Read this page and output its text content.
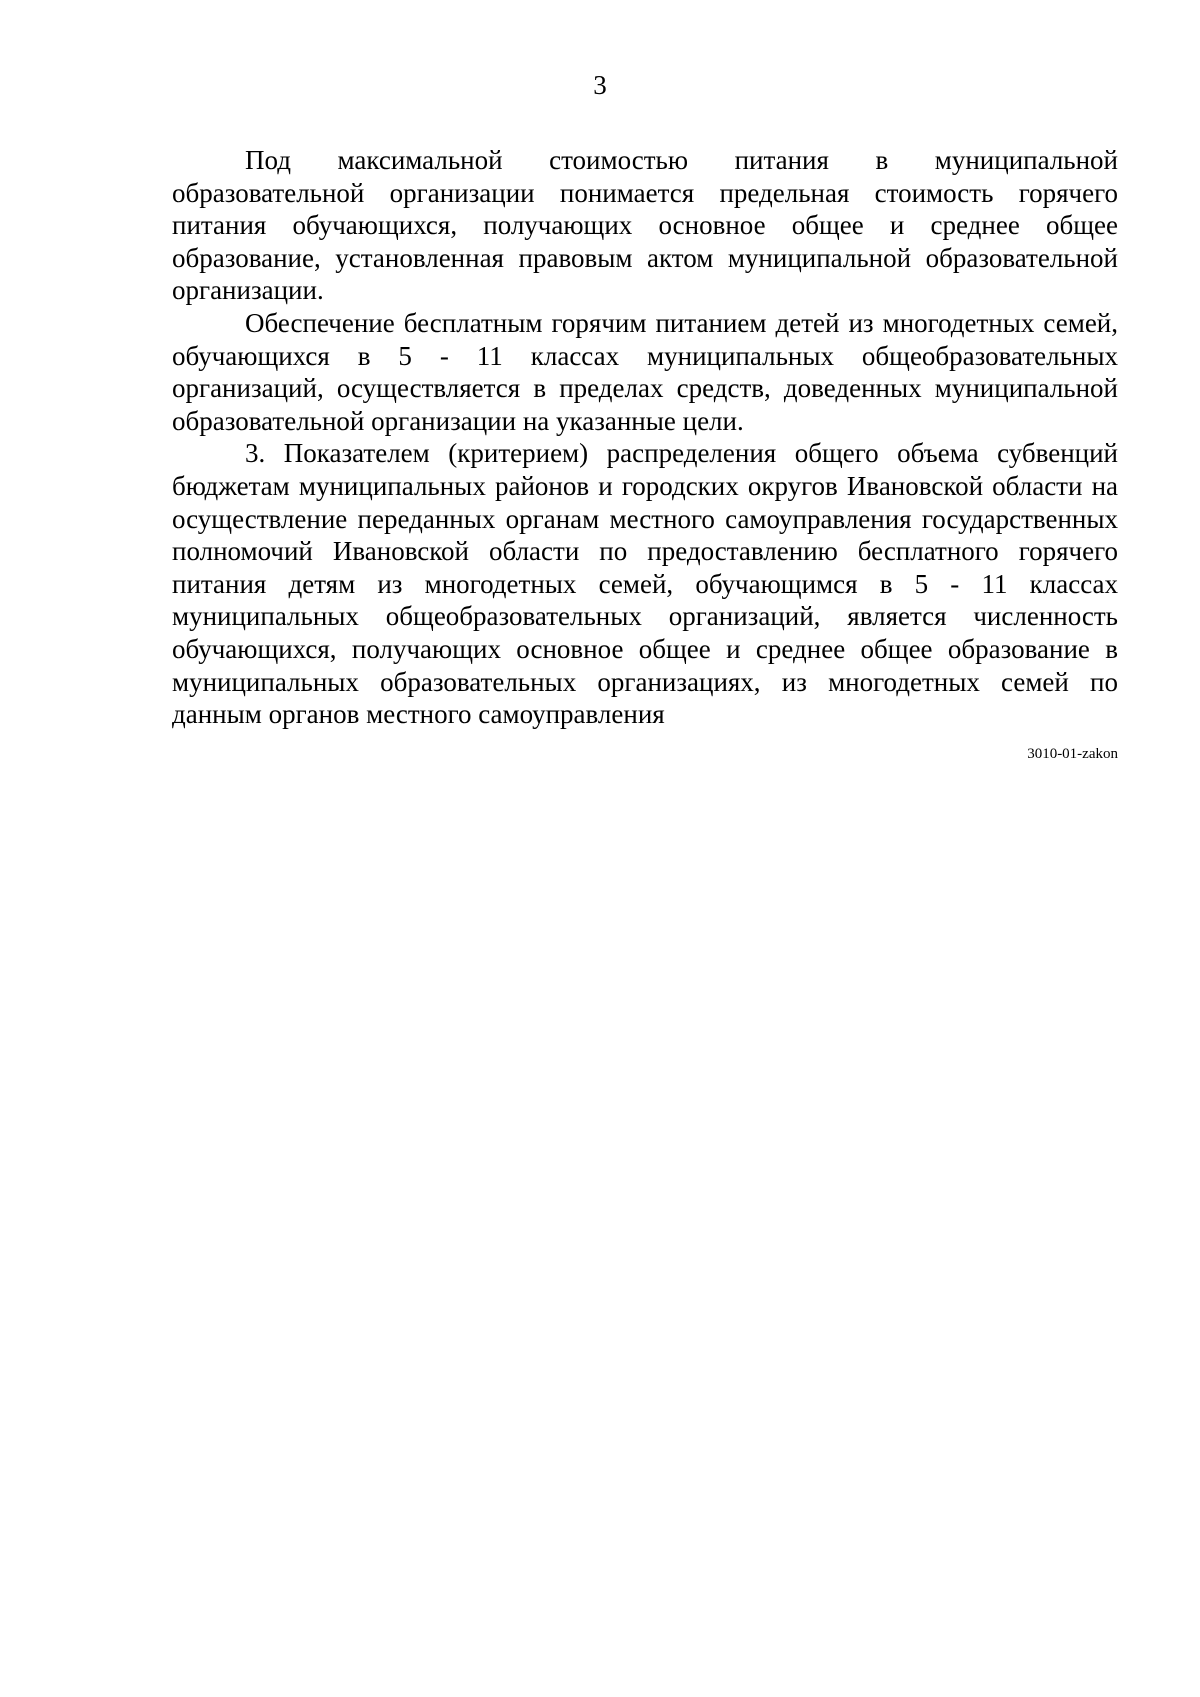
3

Под максимальной стоимостью питания в муниципальной образовательной организации понимается предельная стоимость горячего питания обучающихся, получающих основное общее и среднее общее образование, установленная правовым актом муниципальной образовательной организации.

Обеспечение бесплатным горячим питанием детей из многодетных семей, обучающихся в 5 - 11 классах муниципальных общеобразовательных организаций, осуществляется в пределах средств, доведенных муниципальной образовательной организации на указанные цели.

3. Показателем (критерием) распределения общего объема субвенций бюджетам муниципальных районов и городских округов Ивановской области на осуществление переданных органам местного самоуправления государственных полномочий Ивановской области по предоставлению бесплатного горячего питания детям из многодетных семей, обучающимся в 5 - 11 классах муниципальных общеобразовательных организаций, является численность обучающихся, получающих основное общее и среднее общее образование в муниципальных образовательных организациях, из многодетных семей по данным органов местного самоуправления

3010-01-zakon
